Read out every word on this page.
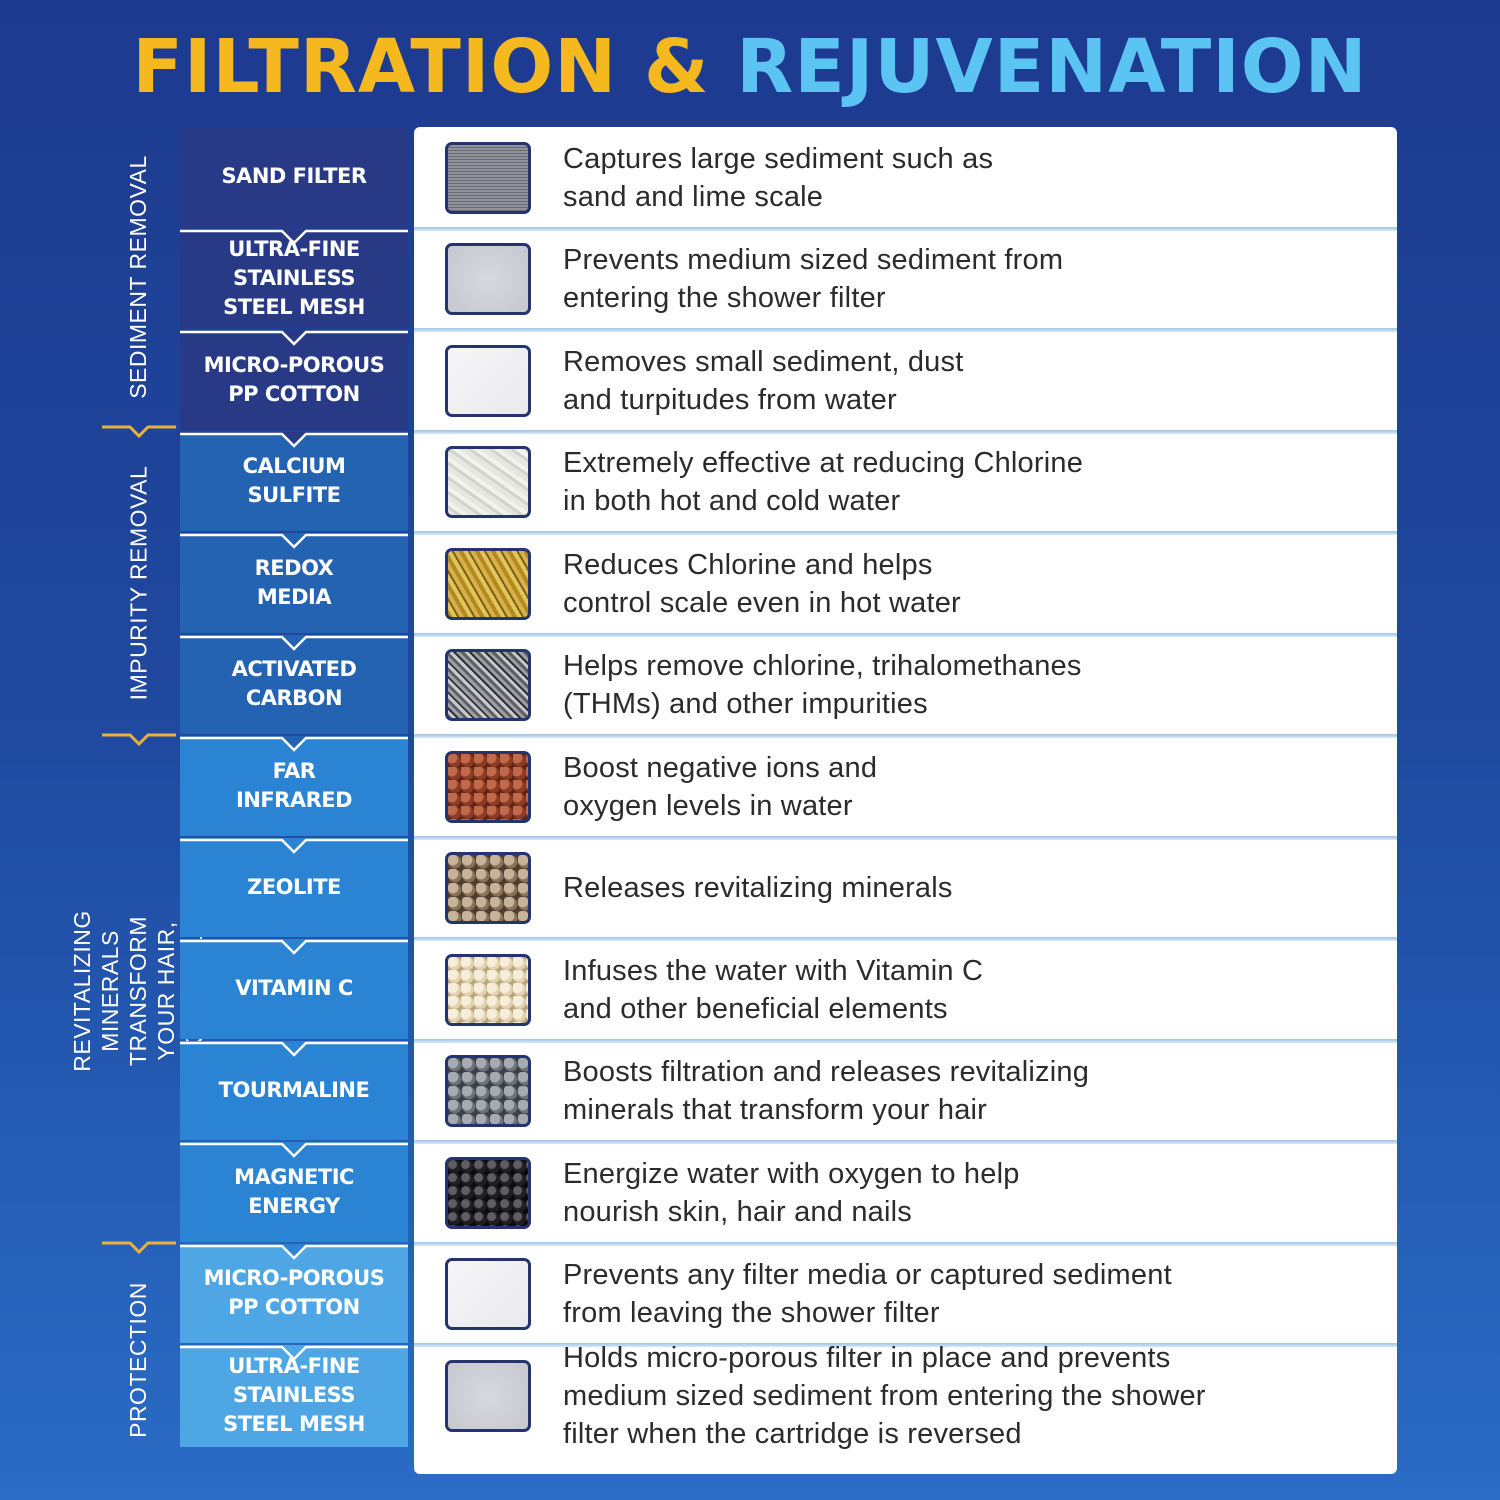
FILTRATION & REJUVENATION
SEDIMENT REMOVAL
IMPURITY REMOVAL
REVITALIZING MINERALS TRANSFORM
YOUR HAIR,
PROTECTION
SAND FILTER
ULTRA-FINE
STAINLESS
STEEL MESH
MICRO-POROUS
PP COTTON
CALCIUM
SULFITE
REDOX
MEDIA
ACTIVATED
CARBON
FAR
INFRARED
ZEOLITE
VITAMIN C
TOURMALINE
MAGNETIC
ENERGY
MICRO-POROUS
PP COTTON
ULTRA-FINE
STAINLESS
STEEL MESH
Captures large sediment such as
sand and lime scale
Prevents medium sized sediment from
entering the shower filter
Removes small sediment, dust
and turpitudes from water
Extremely effective at reducing Chlorine
in both hot and cold water
Reduces Chlorine and helps
control scale even in hot water
Helps remove chlorine, trihalomethanes
(THMs) and other impurities
Boost negative ions and
oxygen levels in water
Releases revitalizing minerals
Infuses the water with Vitamin C
and other beneficial elements
Boosts filtration and releases revitalizing
minerals that transform your hair
Energize water with oxygen to help
nourish skin, hair and nails
Prevents any filter media or captured sediment
from leaving the shower filter
Holds micro-porous filter in place and prevents
medium sized sediment from entering the shower
filter when the cartridge is reversed
